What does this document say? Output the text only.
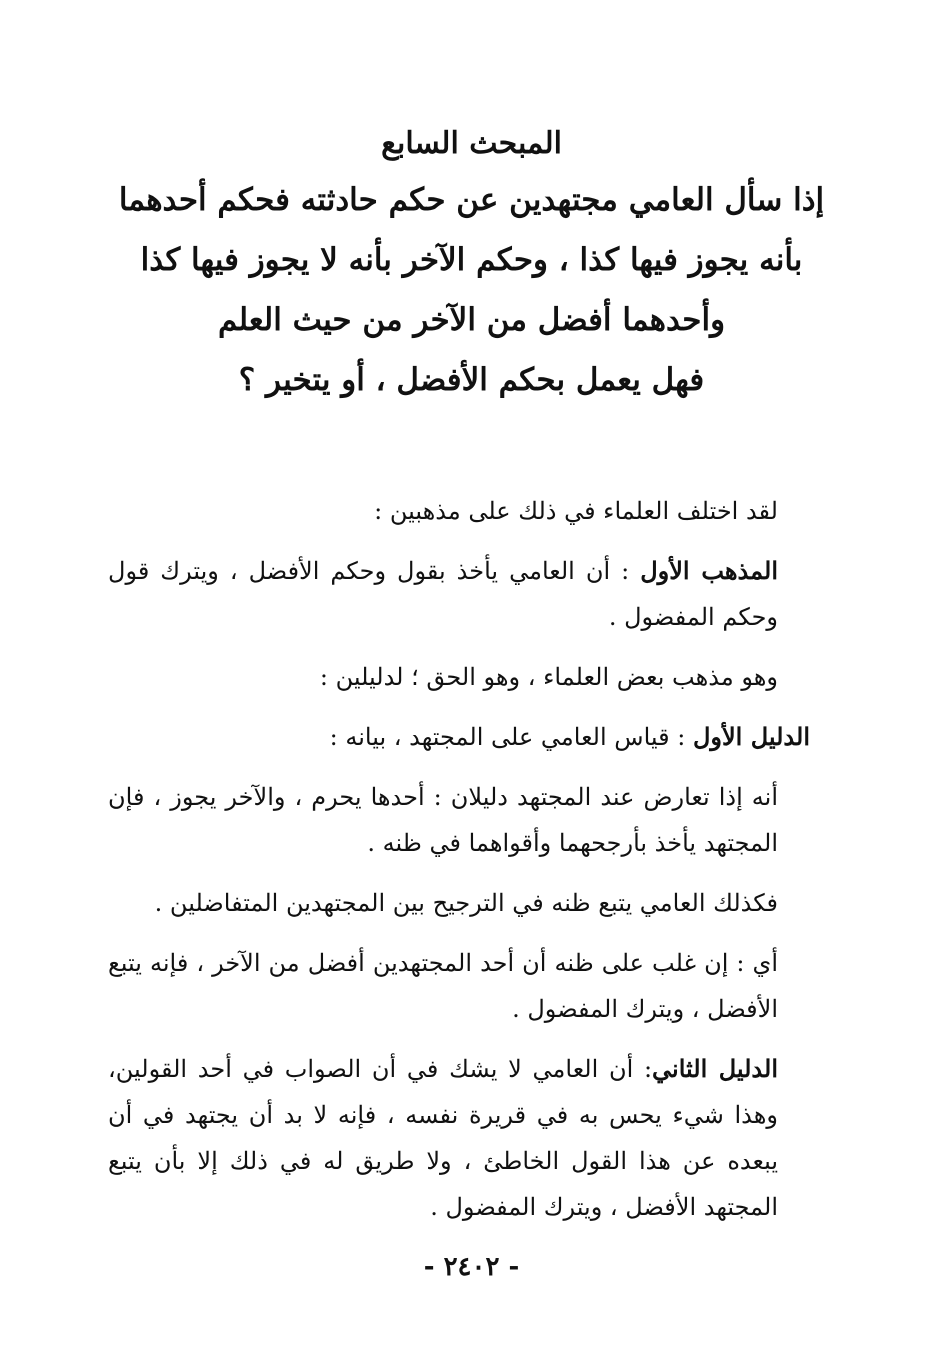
المبحث السابع
إذا سأل العامي مجتهدين عن حكم حادثته فحكم أحدهما
بأنه يجوز فيها كذا ، وحكم الآخر بأنه لا يجوز فيها كذا
وأحدهما أفضل من الآخر من حيث العلم
فهل يعمل بحكم الأفضل ، أو يتخير ؟

لقد اختلف العلماء في ذلك على مذهبين :

المذهب الأول : أن العامي يأخذ بقول وحكم الأفضل ، ويترك قول وحكم المفضول .

وهو مذهب بعض العلماء ، وهو الحق ؛ لدليلين :

الدليل الأول : قياس العامي على المجتهد ، بيانه :

أنه إذا تعارض عند المجتهد دليلان : أحدها يحرم ، والآخر يجوز ، فإن المجتهد يأخذ بأرجحهما وأقواهما في ظنه .

فكذلك العامي يتبع ظنه في الترجيح بين المجتهدين المتفاضلين .

أي : إن غلب على ظنه أن أحد المجتهدين أفضل من الآخر ، فإنه يتبع الأفضل ، ويترك المفضول .

الدليل الثاني: أن العامي لا يشك في أن الصواب في أحد القولين، وهذا شيء يحس به في قريرة نفسه ، فإنه لا بد أن يجتهد في أن يبعده عن هذا القول الخاطئ ، ولا طريق له في ذلك إلا بأن يتبع المجتهد الأفضل ، ويترك المفضول .

- ٢٤٠٢ -
